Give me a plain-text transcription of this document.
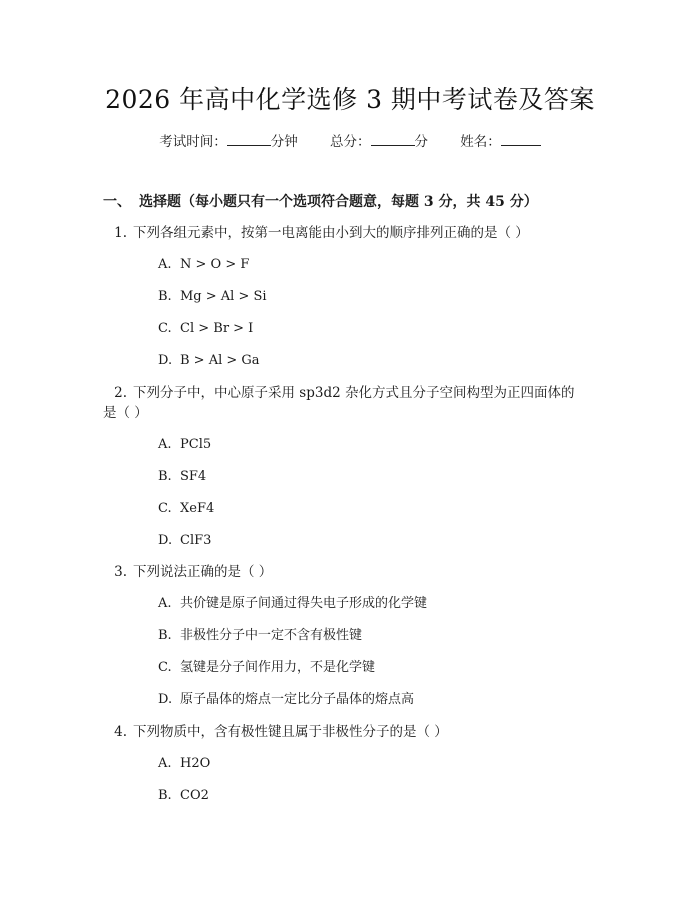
2026 年高中化学选修 3 期中考试卷及答案
考试时间：	分钟 总分：	分 姓名：
一、 选择题（每小题只有一个选项符合题意，每题 3 分，共 45 分）
1. 下列各组元素中，按第一电离能由小到大的顺序排列正确的是（ ）
A. N > O > F
B. Mg > Al > Si
C. Cl > Br > I
D. B > Al > Ga
2. 下列分子中，中心原子采用 sp3d2 杂化方式且分子空间构型为正四面体的
是（ ）
A. PCl5
B. SF4
C. XeF4
D. ClF3
3. 下列说法正确的是（ ）
A. 共价键是原子间通过得失电子形成的化学键
B. 非极性分子中一定不含有极性键
C. 氢键是分子间作用力，不是化学键
D. 原子晶体的熔点一定比分子晶体的熔点高
4. 下列物质中，含有极性键且属于非极性分子的是（ ）
A. H2O
B. CO2
